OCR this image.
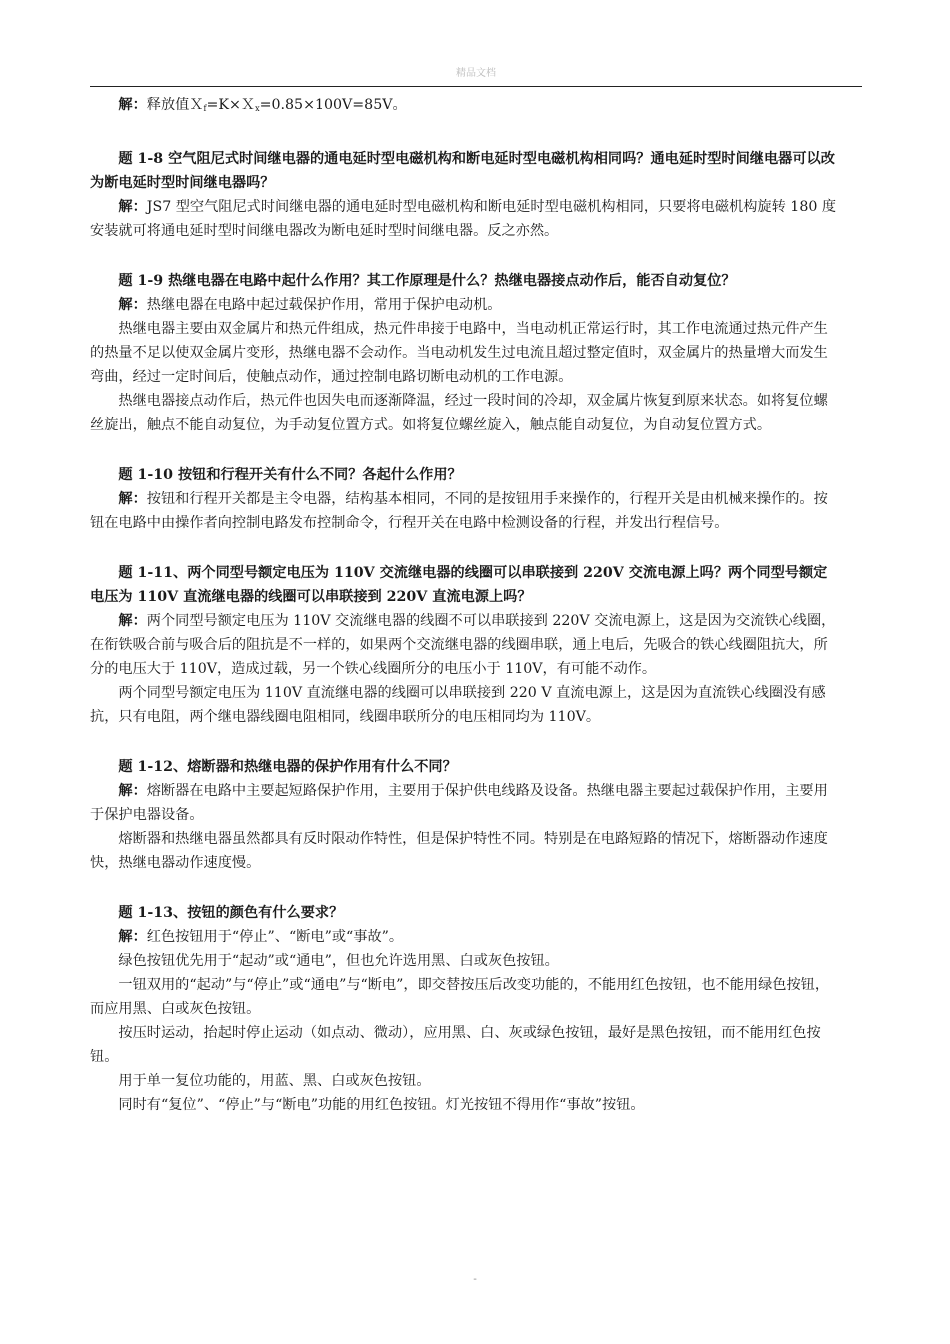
精品文档

解：释放值Ｘ$_f$=K×Ｘ$_x$=0.85×100V=85V。

题 1-8 空气阻尼式时间继电器的通电延时型电磁机构和断电延时型电磁机构相同吗？通电延时型时间继电器可以改为断电延时型时间继电器吗？

解：JS7 型空气阻尼式时间继电器的通电延时型电磁机构和断电延时型电磁机构相同，只要将电磁机构旋转 180 度安装就可将通电延时型时间继电器改为断电延时型时间继电器。反之亦然。

题 1-9 热继电器在电路中起什么作用？其工作原理是什么？热继电器接点动作后，能否自动复位？

解：热继电器在电路中起过载保护作用，常用于保护电动机。

热继电器主要由双金属片和热元件组成，热元件串接于电路中，当电动机正常运行时，其工作电流通过热元件产生的热量不足以使双金属片变形，热继电器不会动作。当电动机发生过电流且超过整定值时，双金属片的热量增大而发生弯曲，经过一定时间后，使触点动作，通过控制电路切断电动机的工作电源。

热继电器接点动作后，热元件也因失电而逐渐降温，经过一段时间的冷却，双金属片恢复到原来状态。如将复位螺丝旋出，触点不能自动复位，为手动复位置方式。如将复位螺丝旋入，触点能自动复位，为自动复位置方式。

题 1-10 按钮和行程开关有什么不同？各起什么作用？

解：按钮和行程开关都是主令电器，结构基本相同，不同的是按钮用手来操作的，行程开关是由机械来操作的。按钮在电路中由操作者向控制电路发布控制命令，行程开关在电路中检测设备的行程，并发出行程信号。

题 1-11、两个同型号额定电压为 110V 交流继电器的线圈可以串联接到 220V 交流电源上吗？两个同型号额定电压为 110V 直流继电器的线圈可以串联接到 220V 直流电源上吗？

解：两个同型号额定电压为 110V 交流继电器的线圈不可以串联接到 220V 交流电源上，这是因为交流铁心线圈，在衔铁吸合前与吸合后的阻抗是不一样的，如果两个交流继电器的线圈串联，通上电后，先吸合的铁心线圈阻抗大，所分的电压大于 110V，造成过载，另一个铁心线圈所分的电压小于 110V，有可能不动作。

两个同型号额定电压为 110V 直流继电器的线圈可以串联接到 220 V 直流电源上，这是因为直流铁心线圈没有感抗，只有电阻，两个继电器线圈电阻相同，线圈串联所分的电压相同均为 110V。

题 1-12、熔断器和热继电器的保护作用有什么不同？

解：熔断器在电路中主要起短路保护作用，主要用于保护供电线路及设备。热继电器主要起过载保护作用，主要用于保护电器设备。

熔断器和热继电器虽然都具有反时限动作特性，但是保护特性不同。特别是在电路短路的情况下，熔断器动作速度快，热继电器动作速度慢。

题 1-13、按钮的颜色有什么要求？

解：红色按钮用于“停止”、“断电”或“事故”。

绿色按钮优先用于“起动”或“通电”，但也允许选用黑、白或灰色按钮。

一钮双用的“起动”与“停止”或“通电”与“断电”，即交替按压后改变功能的，不能用红色按钮，也不能用绿色按钮，而应用黑、白或灰色按钮。

按压时运动，抬起时停止运动（如点动、微动），应用黑、白、灰或绿色按钮，最好是黑色按钮，而不能用红色按钮。

用于单一复位功能的，用蓝、黑、白或灰色按钮。

同时有“复位”、“停止”与“断电”功能的用红色按钮。灯光按钮不得用作“事故”按钮。

-
